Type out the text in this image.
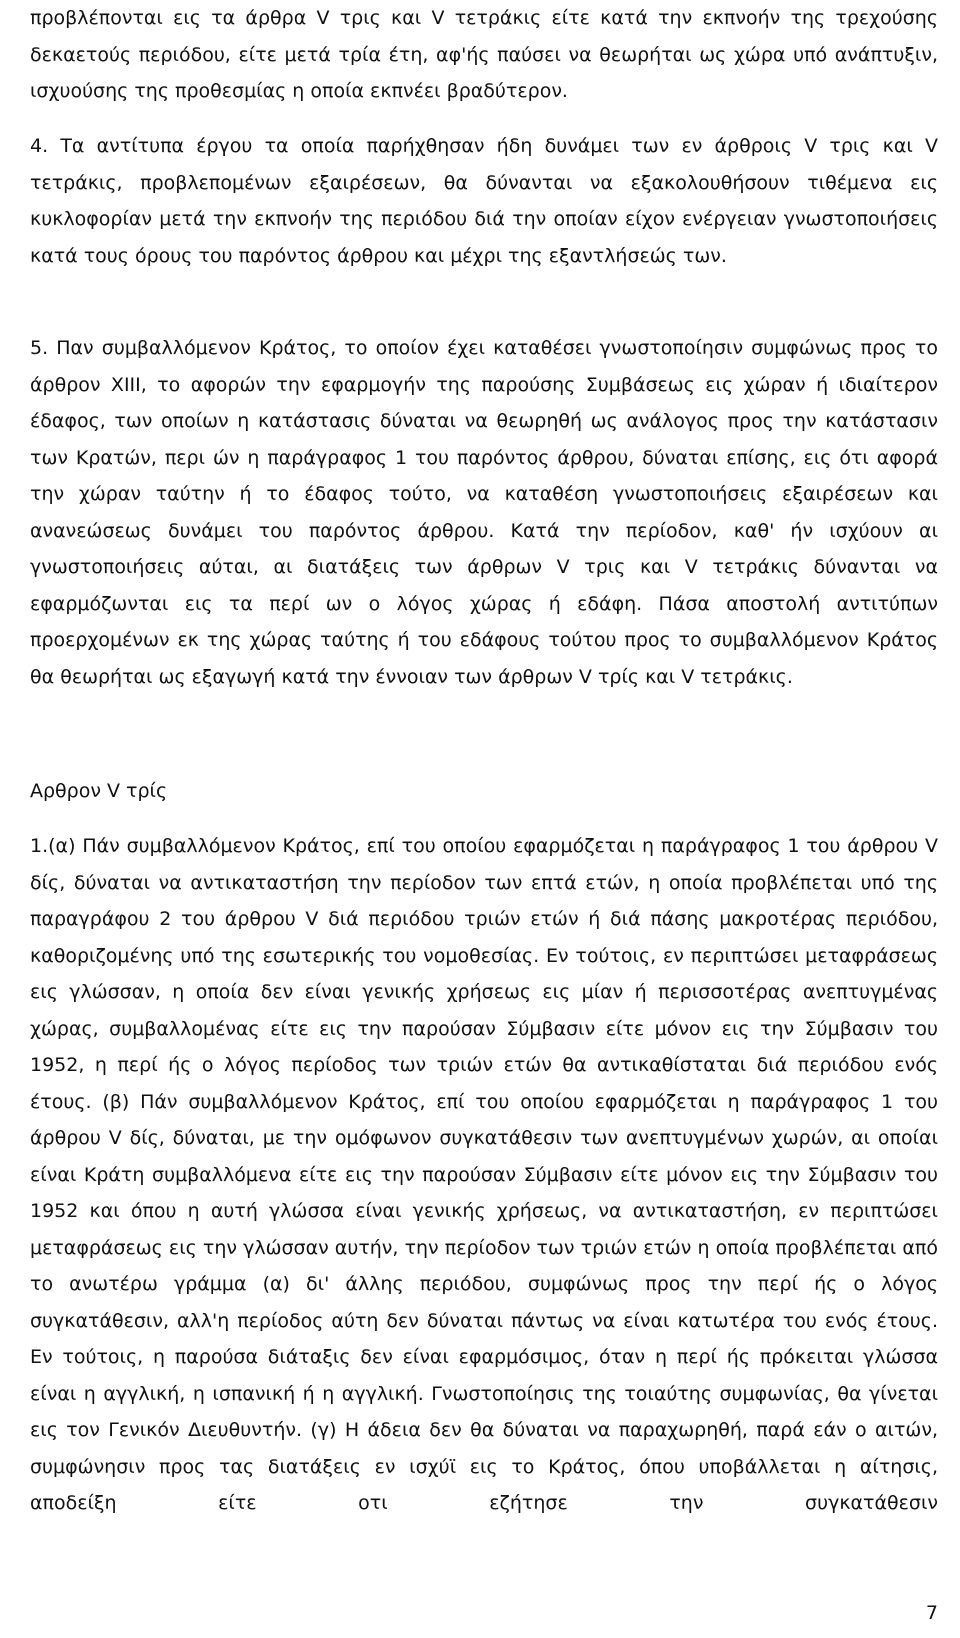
προβλέπονται εις τα άρθρα V τρις και V τετράκις είτε κατά την εκπνοήν της τρεχούσης δεκαετούς περιόδου, είτε μετά τρία έτη, αφ'ής παύσει να θεωρήται ως χώρα υπό ανάπτυξιν, ισχυούσης της προθεσμίας η οποία εκπνέει βραδύτερον.

4. Τα αντίτυπα έργου τα οποία παρήχθησαν ήδη δυνάμει των εν άρθροις V τρις και V τετράκις, προβλεπομένων εξαιρέσεων, θα δύνανται να εξακολουθήσουν τιθέμενα εις κυκλοφορίαν μετά την εκπνοήν της περιόδου διά την οποίαν είχον ενέργειαν γνωστοποιήσεις κατά τους όρους του παρόντος άρθρου και μέχρι της εξαντλήσεώς των.

5. Παν συμβαλλόμενον Κράτος, το οποίον έχει καταθέσει γνωστοποίησιν συμφώνως προς το άρθρον XIII, το αφορών την εφαρμογήν της παρούσης Συμβάσεως εις χώραν ή ιδιαίτερον έδαφος, των οποίων η κατάστασις δύναται να θεωρηθή ως ανάλογος προς την κατάστασιν των Κρατών, περι ών η παράγραφος 1 του παρόντος άρθρου, δύναται επίσης, εις ότι αφορά την χώραν ταύτην ή το έδαφος τούτο, να καταθέση γνωστοποιήσεις εξαιρέσεων και ανανεώσεως δυνάμει του παρόντος άρθρου. Κατά την περίοδον, καθ' ήν ισχύουν αι γνωστοποιήσεις αύται, αι διατάξεις των άρθρων V τρις και V τετράκις δύνανται να εφαρμόζωνται εις τα περί ων ο λόγος χώρας ή εδάφη. Πάσα αποστολή αντιτύπων προερχομένων εκ της χώρας ταύτης ή του εδάφους τούτου προς το συμβαλλόμενον Κράτος θα θεωρήται ως εξαγωγή κατά την έννοιαν των άρθρων V τρίς και V τετράκις.

Αρθρον V τρίς

1.(α) Πάν συμβαλλόμενον Κράτος, επί του οποίου εφαρμόζεται η παράγραφος 1 του άρθρου V δίς, δύναται να αντικαταστήση την περίοδον των επτά ετών, η οποία προβλέπεται υπό της παραγράφου 2 του άρθρου V διά περιόδου τριών ετών ή διά πάσης μακροτέρας περιόδου, καθοριζομένης υπό της εσωτερικής του νομοθεσίας. Εν τούτοις, εν περιπτώσει μεταφράσεως εις γλώσσαν, η οποία δεν είναι γενικής χρήσεως εις μίαν ή περισσοτέρας ανεπτυγμένας χώρας, συμβαλλομένας είτε εις την παρούσαν Σύμβασιν είτε μόνον εις την Σύμβασιν του 1952, η περί ής ο λόγος περίοδος των τριών ετών θα αντικαθίσταται διά περιόδου ενός έτους. (β) Πάν συμβαλλόμενον Κράτος, επί του οποίου εφαρμόζεται η παράγραφος 1 του άρθρου V δίς, δύναται, με την ομόφωνον συγκατάθεσιν των ανεπτυγμένων χωρών, αι οποίαι είναι Κράτη συμβαλλόμενα είτε εις την παρούσαν Σύμβασιν είτε μόνον εις την Σύμβασιν του 1952 και όπου η αυτή γλώσσα είναι γενικής χρήσεως, να αντικαταστήση, εν περιπτώσει μεταφράσεως εις την γλώσσαν αυτήν, την περίοδον των τριών ετών η οποία προβλέπεται από το ανωτέρω γράμμα (α) δι' άλλης περιόδου, συμφώνως προς την περί ής ο λόγος συγκατάθεσιν, αλλ'η περίοδος αύτη δεν δύναται πάντως να είναι κατωτέρα του ενός έτους. Εν τούτοις, η παρούσα διάταξις δεν είναι εφαρμόσιμος, όταν η περί ής πρόκειται γλώσσα είναι η αγγλική, η ισπανική ή η αγγλική. Γνωστοποίησις της τοιαύτης συμφωνίας, θα γίνεται εις τον Γενικόν Διευθυντήν. (γ) Η άδεια δεν θα δύναται να παραχωρηθή, παρά εάν ο αιτών, συμφώνησιν προς τας διατάξεις εν ισχύϊ εις το Κράτος, όπου υποβάλλεται η αίτησις, αποδείξη είτε οτι εζήτησε την συγκατάθεσιν

7
